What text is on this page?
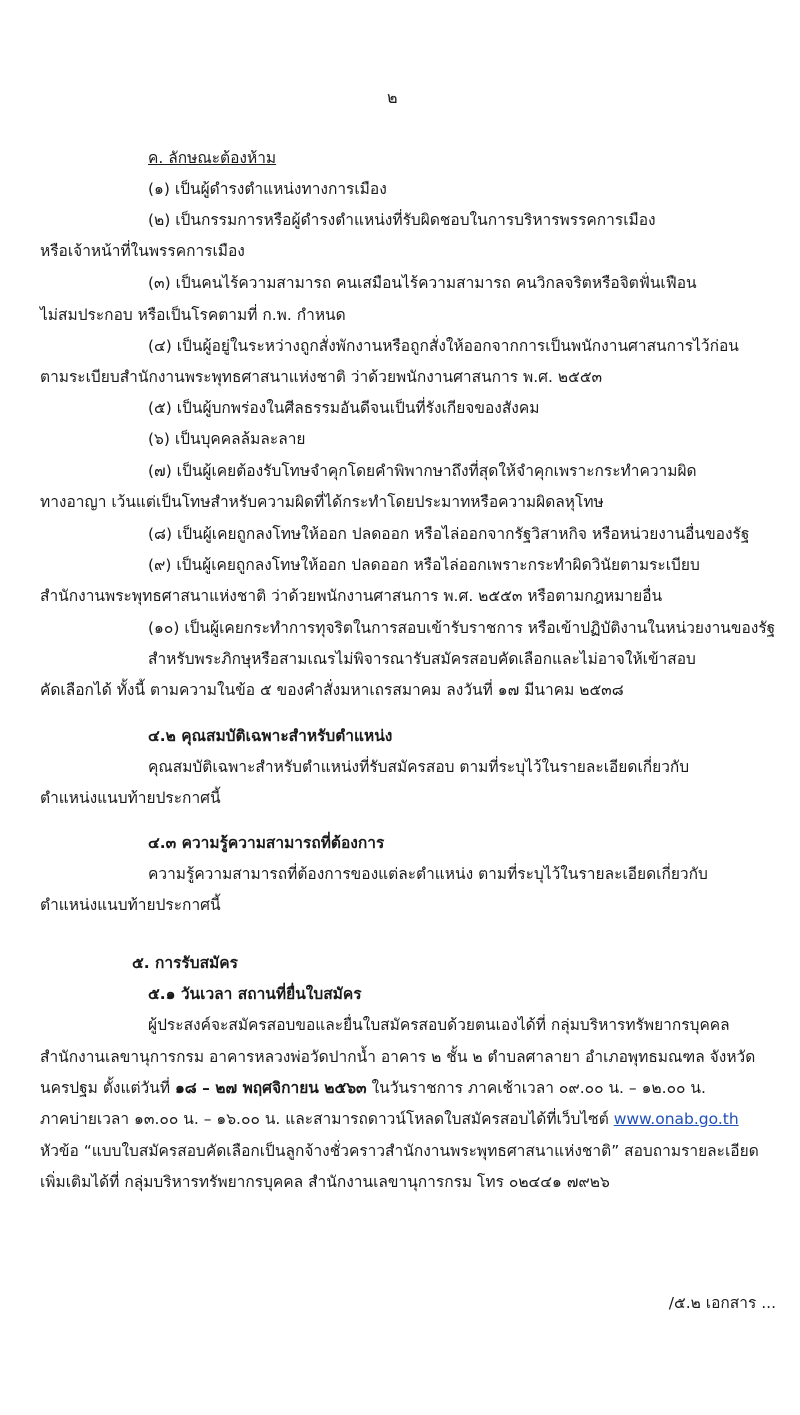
๒
ค. ลักษณะต้องห้าม
(๑) เป็นผู้ดำรงตำแหน่งทางการเมือง
(๒) เป็นกรรมการหรือผู้ดำรงตำแหน่งที่รับผิดชอบในการบริหารพรรคการเมือง
หรือเจ้าหน้าที่ในพรรคการเมือง
(๓) เป็นคนไร้ความสามารถ คนเสมือนไร้ความสามารถ คนวิกลจริตหรือจิตฟั่นเฟือน
ไม่สมประกอบ หรือเป็นโรคตามที่ ก.พ. กำหนด
(๔) เป็นผู้อยู่ในระหว่างถูกสั่งพักงานหรือถูกสั่งให้ออกจากการเป็นพนักงานศาสนการไว้ก่อน
ตามระเบียบสำนักงานพระพุทธศาสนาแห่งชาติ ว่าด้วยพนักงานศาสนการ พ.ศ. ๒๕๕๓
(๕) เป็นผู้บกพร่องในศีลธรรมอันดีจนเป็นที่รังเกียจของสังคม
(๖) เป็นบุคคลล้มละลาย
(๗) เป็นผู้เคยต้องรับโทษจำคุกโดยคำพิพากษาถึงที่สุดให้จำคุกเพราะกระทำความผิด
ทางอาญา เว้นแต่เป็นโทษสำหรับความผิดที่ได้กระทำโดยประมาทหรือความผิดลหุโทษ
(๘) เป็นผู้เคยถูกลงโทษให้ออก ปลดออก หรือไล่ออกจากรัฐวิสาหกิจ หรือหน่วยงานอื่นของรัฐ
(๙) เป็นผู้เคยถูกลงโทษให้ออก ปลดออก หรือไล่ออกเพราะกระทำผิดวินัยตามระเบียบ
สำนักงานพระพุทธศาสนาแห่งชาติ ว่าด้วยพนักงานศาสนการ พ.ศ. ๒๕๕๓ หรือตามกฎหมายอื่น
(๑๐) เป็นผู้เคยกระทำการทุจริตในการสอบเข้ารับราชการ หรือเข้าปฏิบัติงานในหน่วยงานของรัฐ
สำหรับพระภิกษุหรือสามเณรไม่พิจารณารับสมัครสอบคัดเลือกและไม่อาจให้เข้าสอบ
คัดเลือกได้ ทั้งนี้ ตามความในข้อ ๕ ของคำสั่งมหาเถรสมาคม ลงวันที่ ๑๗ มีนาคม ๒๕๓๘
๔.๒ คุณสมบัติเฉพาะสำหรับตำแหน่ง
คุณสมบัติเฉพาะสำหรับตำแหน่งที่รับสมัครสอบ ตามที่ระบุไว้ในรายละเอียดเกี่ยวกับ
ตำแหน่งแนบท้ายประกาศนี้
๔.๓ ความรู้ความสามารถที่ต้องการ
ความรู้ความสามารถที่ต้องการของแต่ละตำแหน่ง ตามที่ระบุไว้ในรายละเอียดเกี่ยวกับ
ตำแหน่งแนบท้ายประกาศนี้
๕. การรับสมัคร
๕.๑ วันเวลา สถานที่ยื่นใบสมัคร
ผู้ประสงค์จะสมัครสอบขอและยื่นใบสมัครสอบด้วยตนเองได้ที่ กลุ่มบริหารทรัพยากรบุคคล
สำนักงานเลขานุการกรม อาคารหลวงพ่อวัดปากน้ำ อาคาร ๒ ชั้น ๒ ตำบลศาลายา อำเภอพุทธมณฑล จังหวัด
นครปฐม ตั้งแต่วันที่ ๑๘ – ๒๗ พฤศจิกายน ๒๕๖๓ ในวันราชการ ภาคเช้าเวลา ๐๙.๐๐ น. – ๑๒.๐๐ น.
ภาคบ่ายเวลา ๑๓.๐๐ น. – ๑๖.๐๐ น. และสามารถดาวน์โหลดใบสมัครสอบได้ที่เว็บไซต์ www.onab.go.th
หัวข้อ “แบบใบสมัครสอบคัดเลือกเป็นลูกจ้างชั่วคราวสำนักงานพระพุทธศาสนาแห่งชาติ” สอบถามรายละเอียด
เพิ่มเติมได้ที่ กลุ่มบริหารทรัพยากรบุคคล สำนักงานเลขานุการกรม โทร ๐๒๔๔๑ ๗๙๒๖
/๕.๒ เอกสาร ...
